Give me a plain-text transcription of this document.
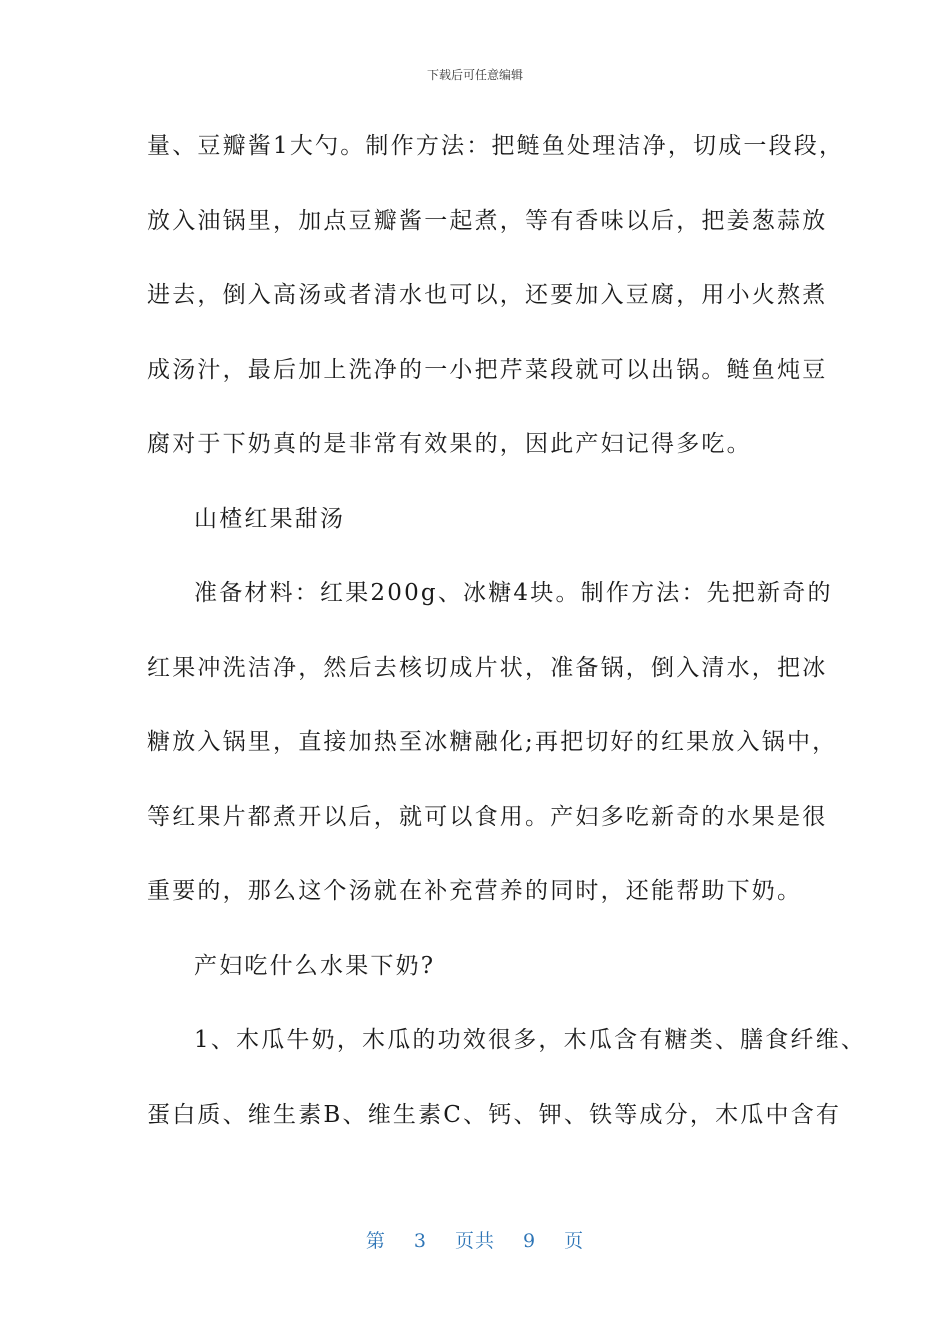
下载后可任意编辑
量、豆瓣酱1大勺。制作方法：把鲢鱼处理洁净，切成一段段，
放入油锅里，加点豆瓣酱一起煮，等有香味以后，把姜葱蒜放
进去，倒入高汤或者清水也可以，还要加入豆腐，用小火熬煮
成汤汁，最后加上洗净的一小把芹菜段就可以出锅。鲢鱼炖豆
腐对于下奶真的是非常有效果的，因此产妇记得多吃。
山楂红果甜汤
准备材料：红果200g、冰糖4块。制作方法：先把新奇的
红果冲洗洁净，然后去核切成片状，准备锅，倒入清水，把冰
糖放入锅里，直接加热至冰糖融化;再把切好的红果放入锅中，
等红果片都煮开以后，就可以食用。产妇多吃新奇的水果是很
重要的，那么这个汤就在补充营养的同时，还能帮助下奶。
产妇吃什么水果下奶?
1、木瓜牛奶，木瓜的功效很多，木瓜含有糖类、膳食纤维、
蛋白质、维生素B、维生素C、钙、钾、铁等成分，木瓜中含有
第 3 页共 9 页
